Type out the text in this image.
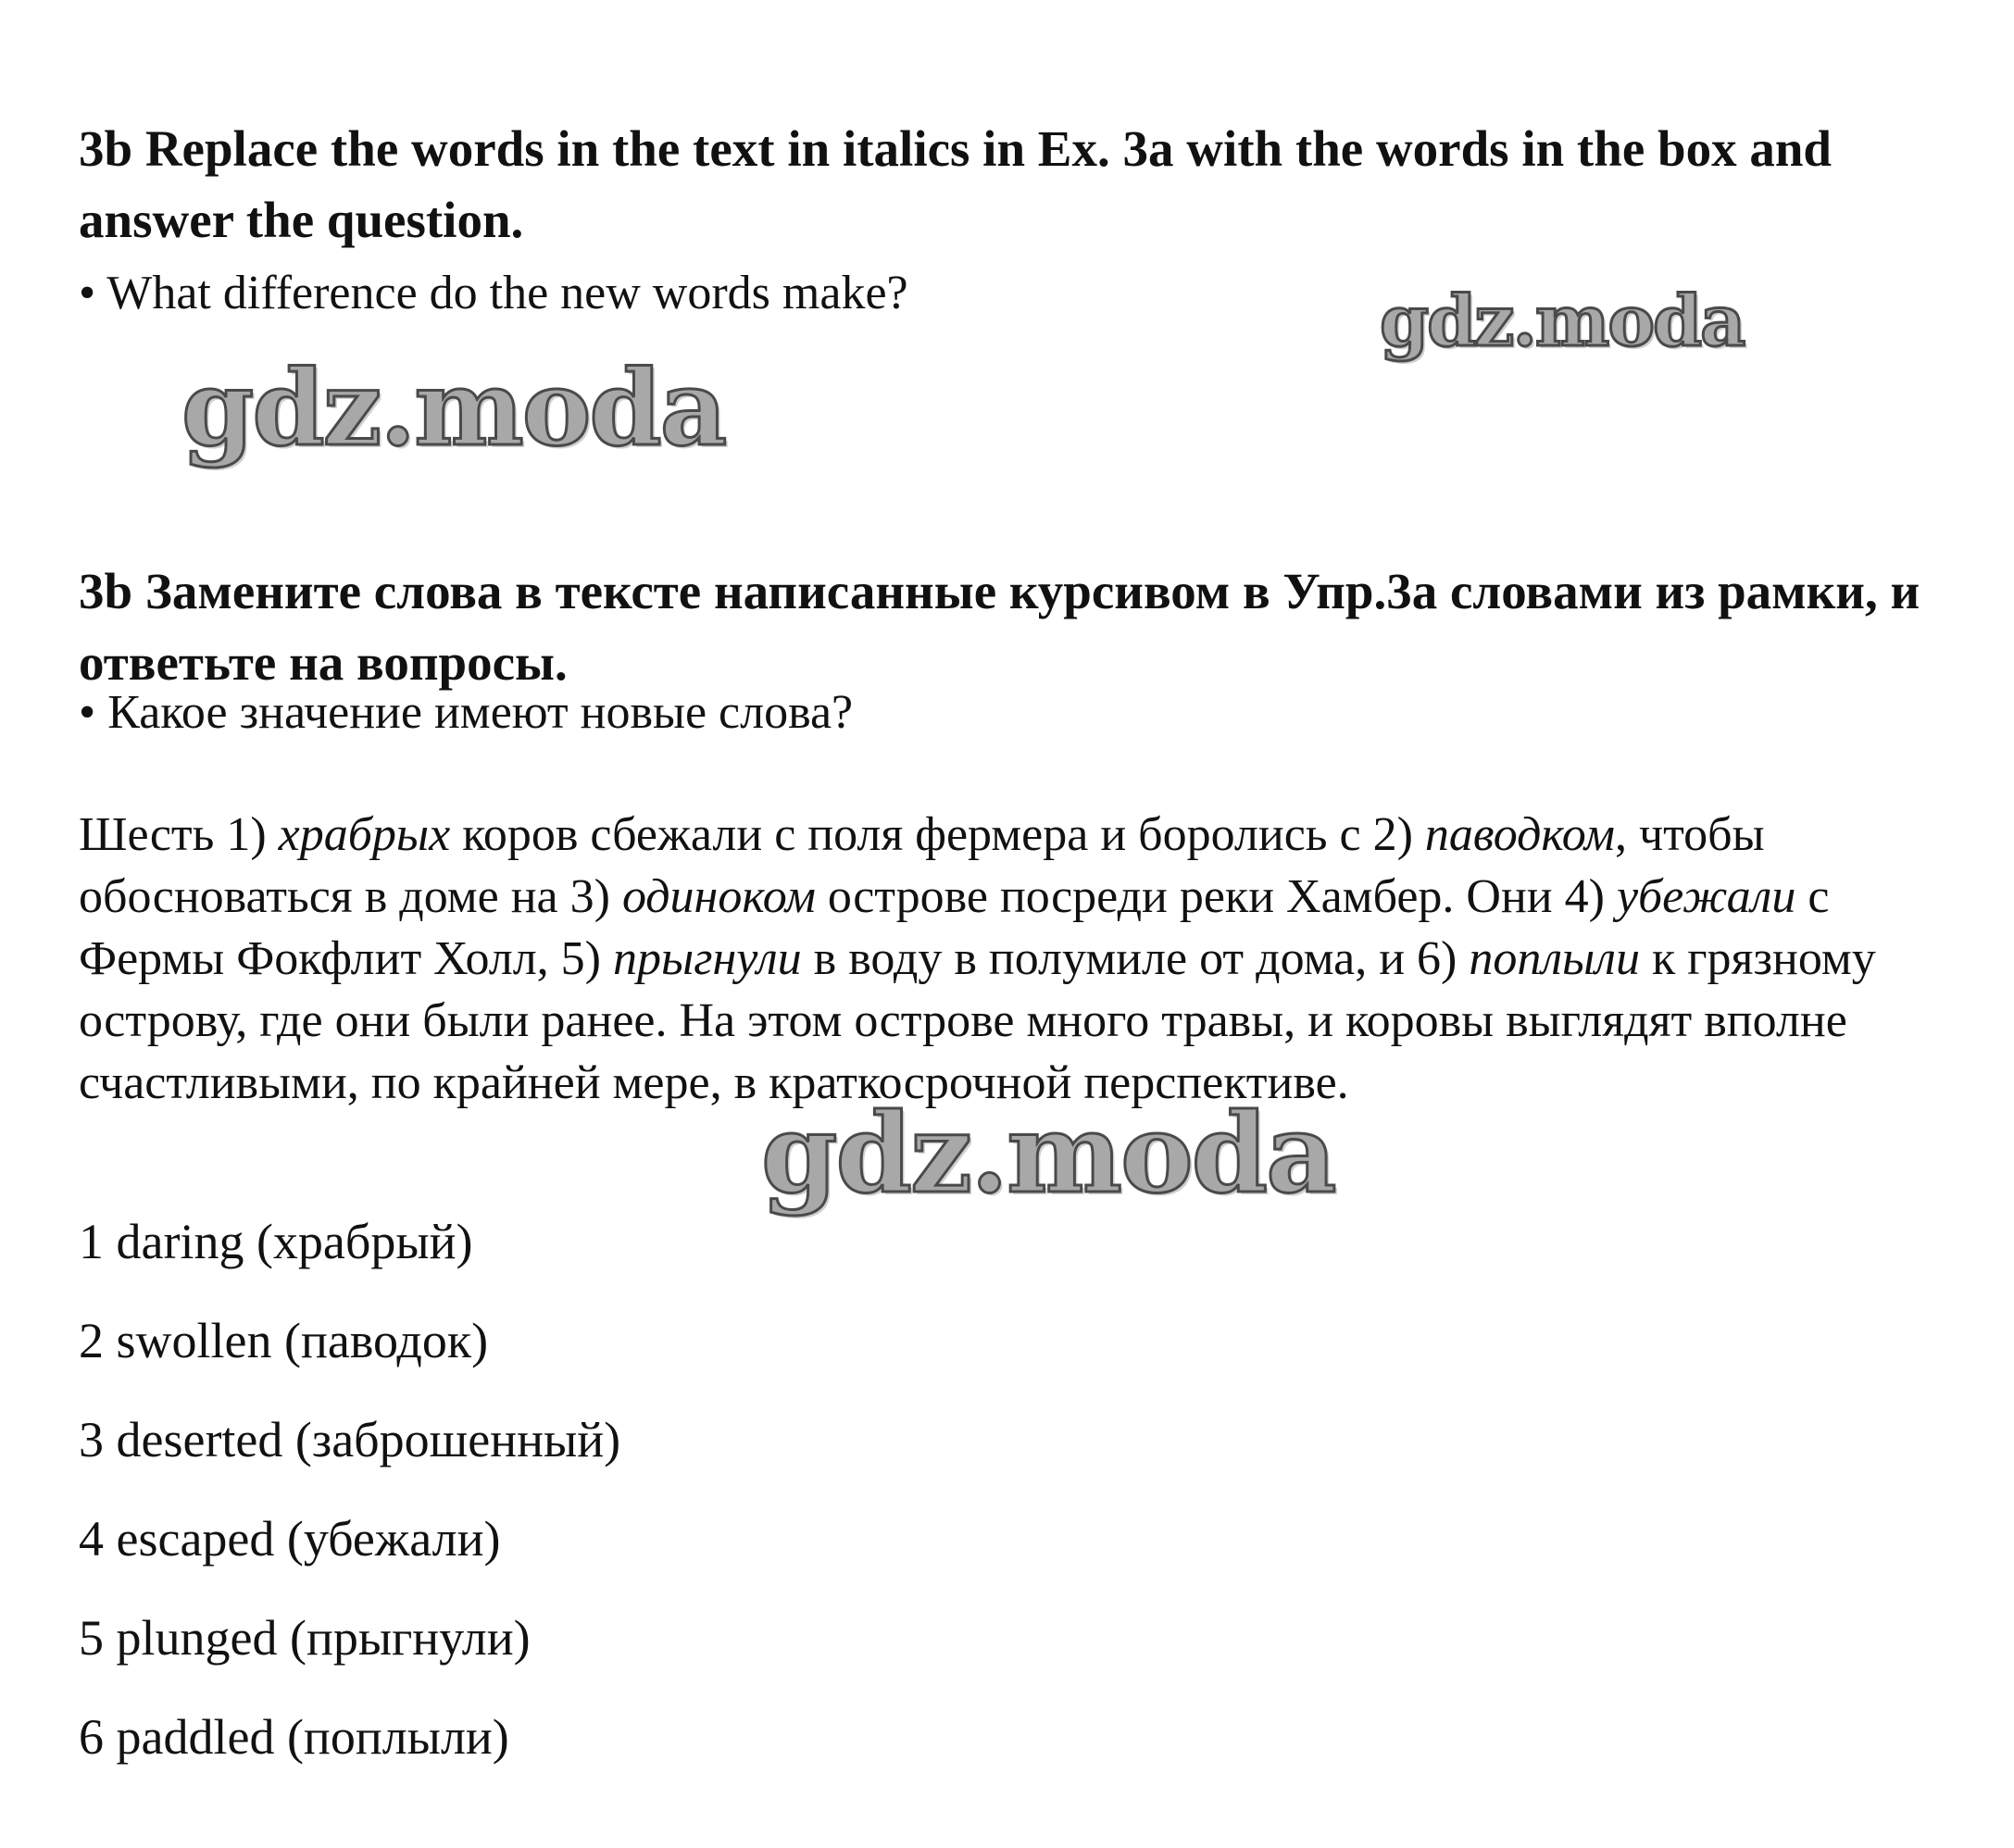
3b Replace the words in the text in italics in Ex. 3a with the words in the box and answer the question.

• What difference do the new words make?

3b Замените слова в тексте написанные курсивом в Упр.3а словами из рамки, и ответьте на вопросы.

• Какое значение имеют новые слова?

Шесть 1) храбрых коров сбежали с поля фермера и боролись с 2) паводком, чтобы обосноваться в доме на 3) одиноком острове посреди реки Хамбер. Они 4) убежали с Фермы Фокфлит Холл, 5) прыгнули в воду в полумиле от дома, и 6) поплыли к грязному острову, где они были ранее. На этом острове много травы, и коровы выглядят вполне счастливыми, по крайней мере, в краткосрочной перспективе.

1 daring (храбрый)
2 swollen (паводок)
3 deserted (заброшенный)
4 escaped (убежали)
5 plunged (прыгнули)
6 paddled (поплыли)
gdz.moda
gdz.moda
gdz.moda
